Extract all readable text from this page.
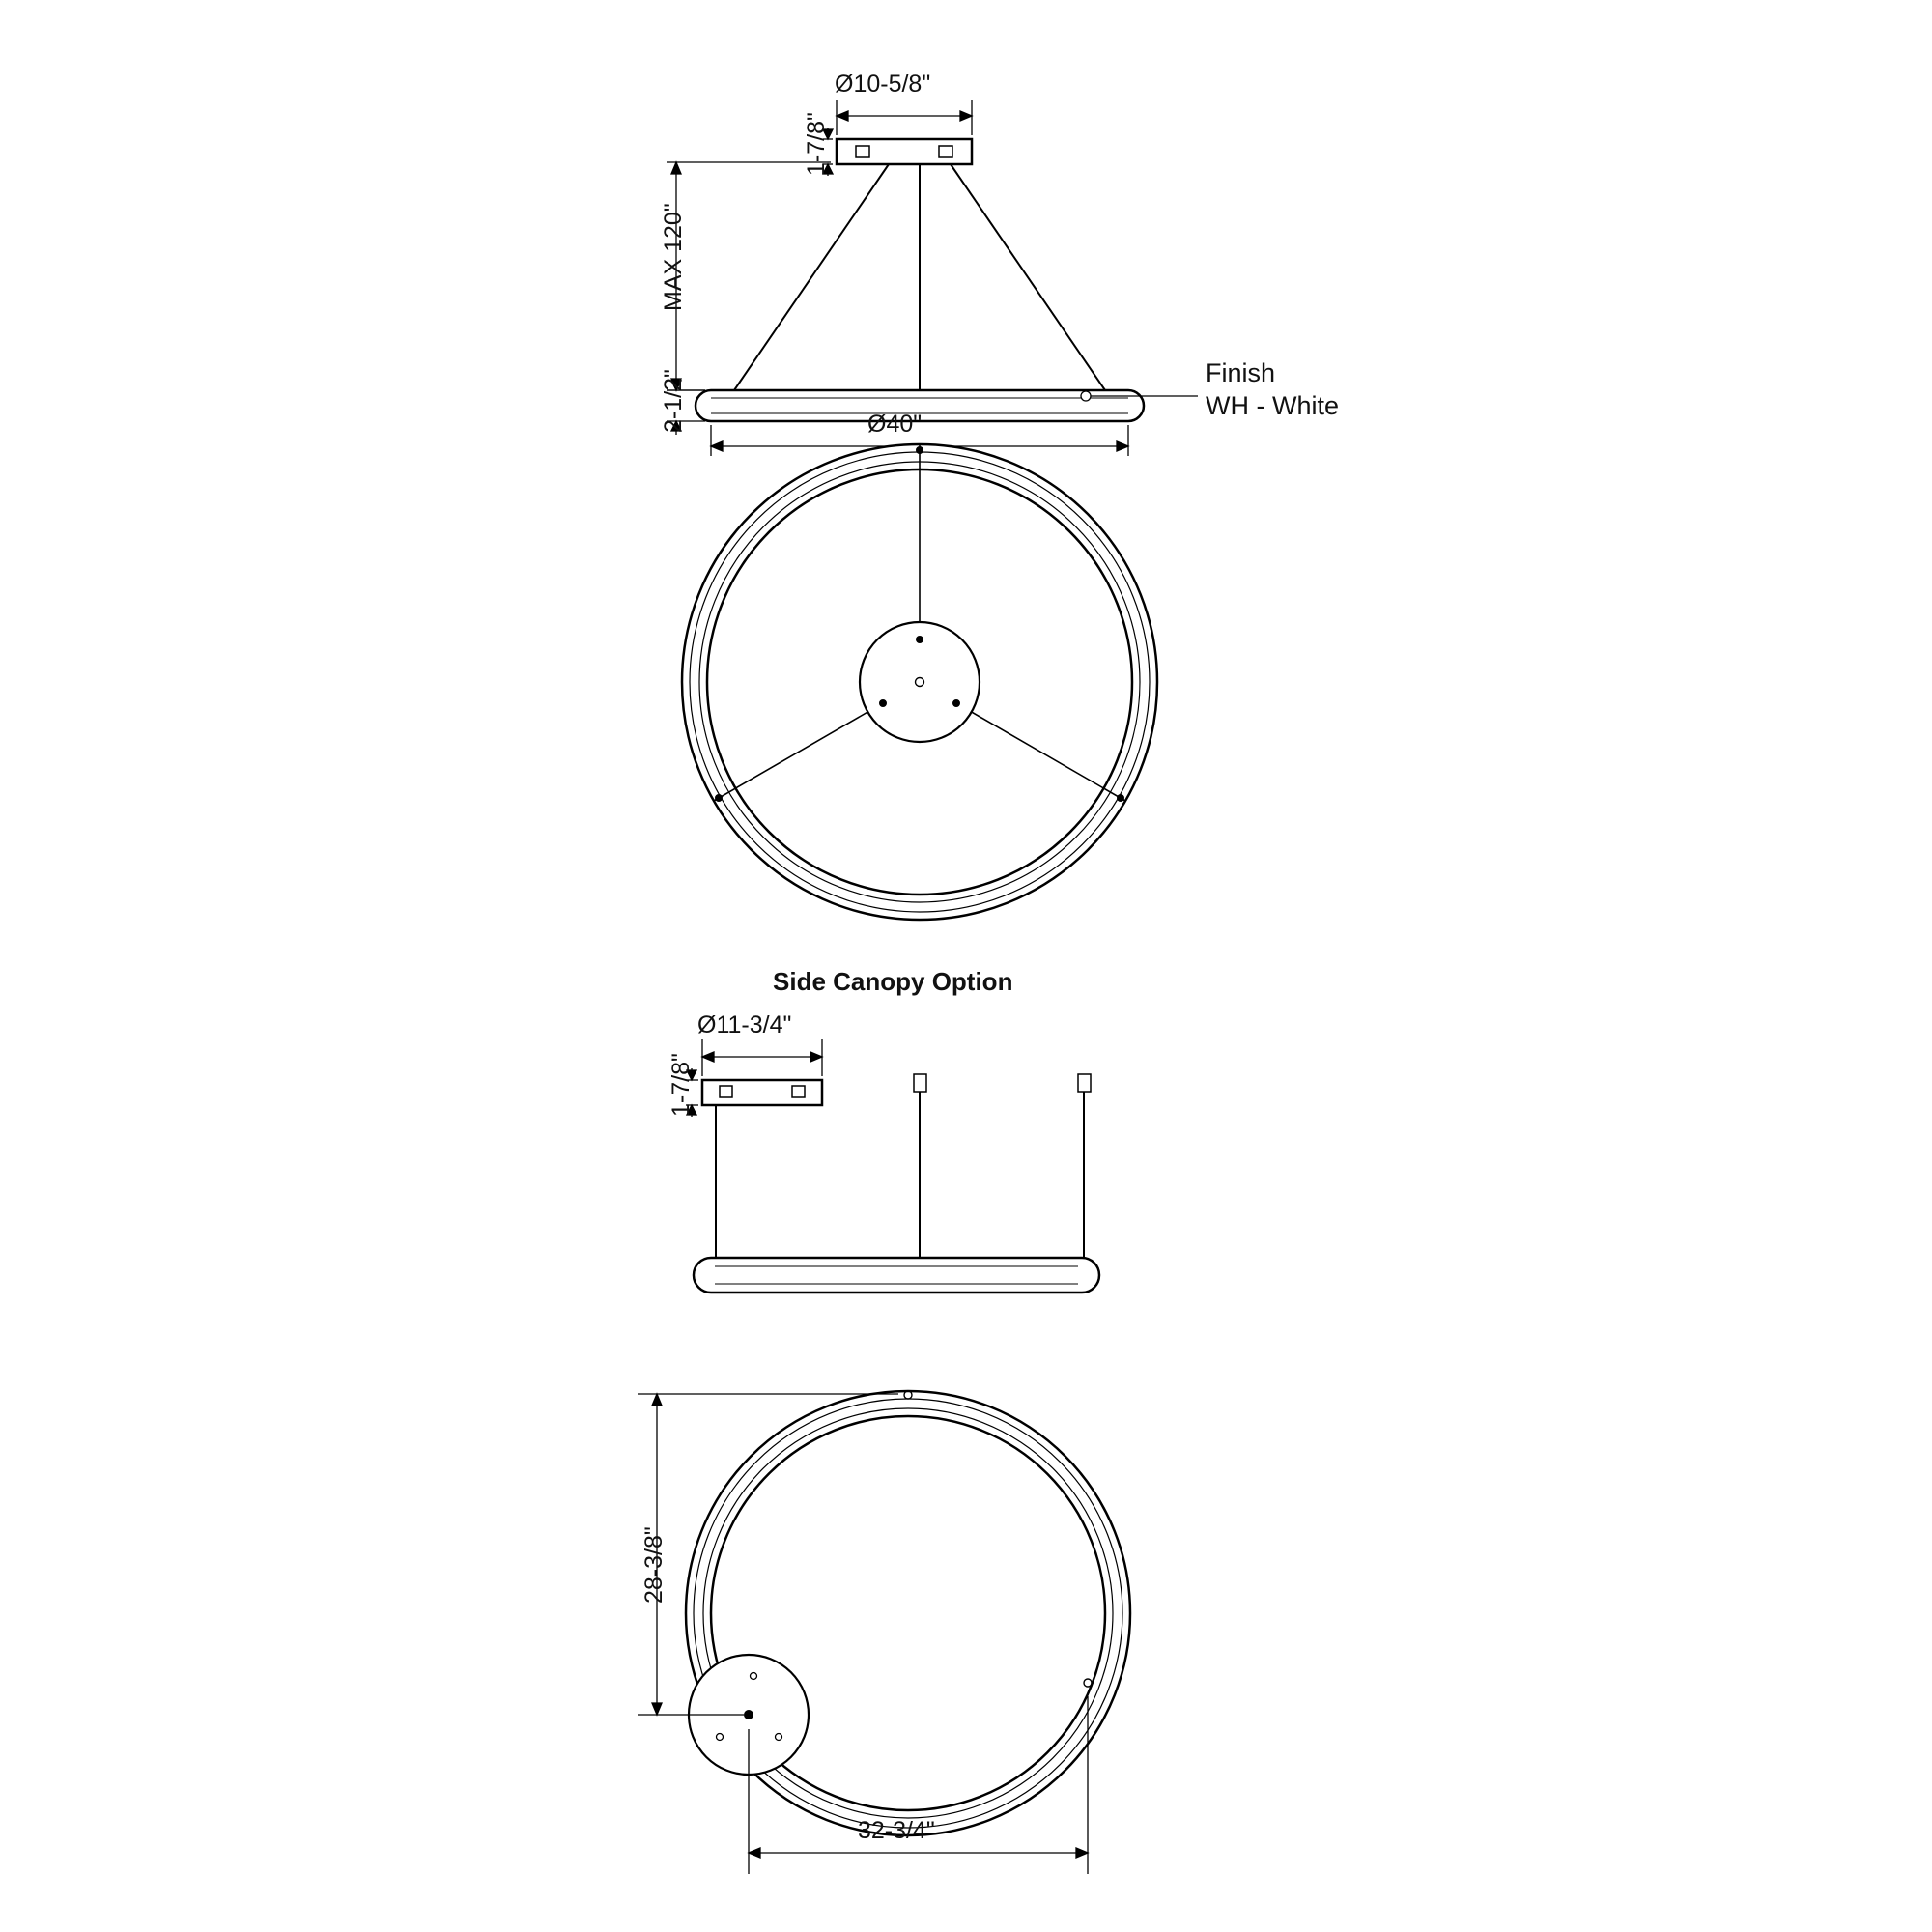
Ø10-5/8"
1-7/8"
MAX 120"
2-1/2"	Ø40"
Finish
WH - White
Side Canopy Option
Ø11-3/4"
1-7/8"
28-3/8"
32-3/4"
